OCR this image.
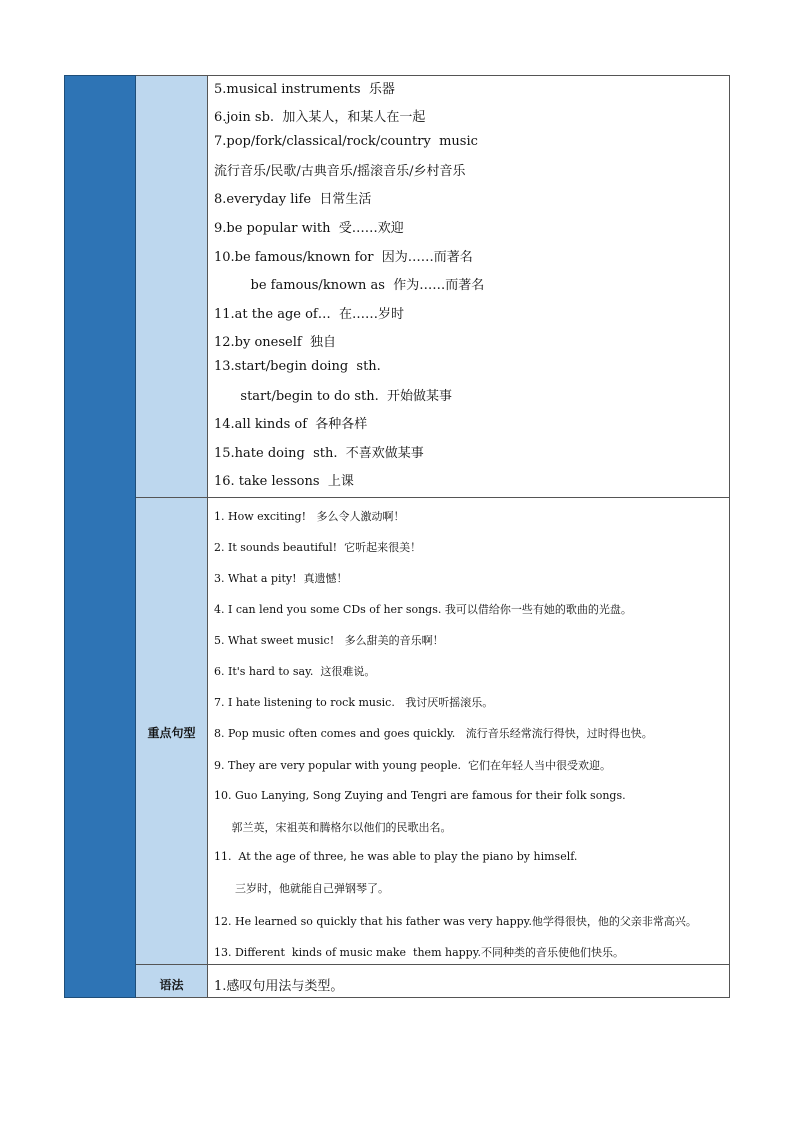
重点句型
语法
5.musical instruments  乐器
6.join sb.  加入某人，和某人在一起
7.pop/fork/classical/rock/country  music
流行音乐/民歌/古典音乐/摇滚音乐/乡村音乐
8.everyday life  日常生活
9.be popular with  受……欢迎
10.be famous/known for  因为……而著名
be famous/known as  作为……而著名
11.at the age of…  在……岁时
12.by oneself  独自
13.start/begin doing  sth.
start/begin to do sth.  开始做某事
14.all kinds of  各种各样
15.hate doing  sth.  不喜欢做某事
16. take lessons  上课
1. How exciting!   多么令人激动啊！
2. It sounds beautiful!  它听起来很美！
3. What a pity!  真遗憾！
4. I can lend you some CDs of her songs. 我可以借给你一些有她的歌曲的光盘。
5. What sweet music!   多么甜美的音乐啊！
6. It's hard to say.  这很难说。
7. I hate listening to rock music.   我讨厌听摇滚乐。
8. Pop music often comes and goes quickly.   流行音乐经常流行得快，过时得也快。
9. They are very popular with young people.  它们在年轻人当中很受欢迎。
10. Guo Lanying, Song Zuying and Tengri are famous for their folk songs.
郭兰英，宋祖英和腾格尔以他们的民歌出名。
11.  At the age of three, he was able to play the piano by himself.
三岁时，他就能自己弹钢琴了。
12. He learned so quickly that his father was very happy.他学得很快，他的父亲非常高兴。
13. Different  kinds of music make  them happy.不同种类的音乐使他们快乐。
1.感叹句用法与类型。
